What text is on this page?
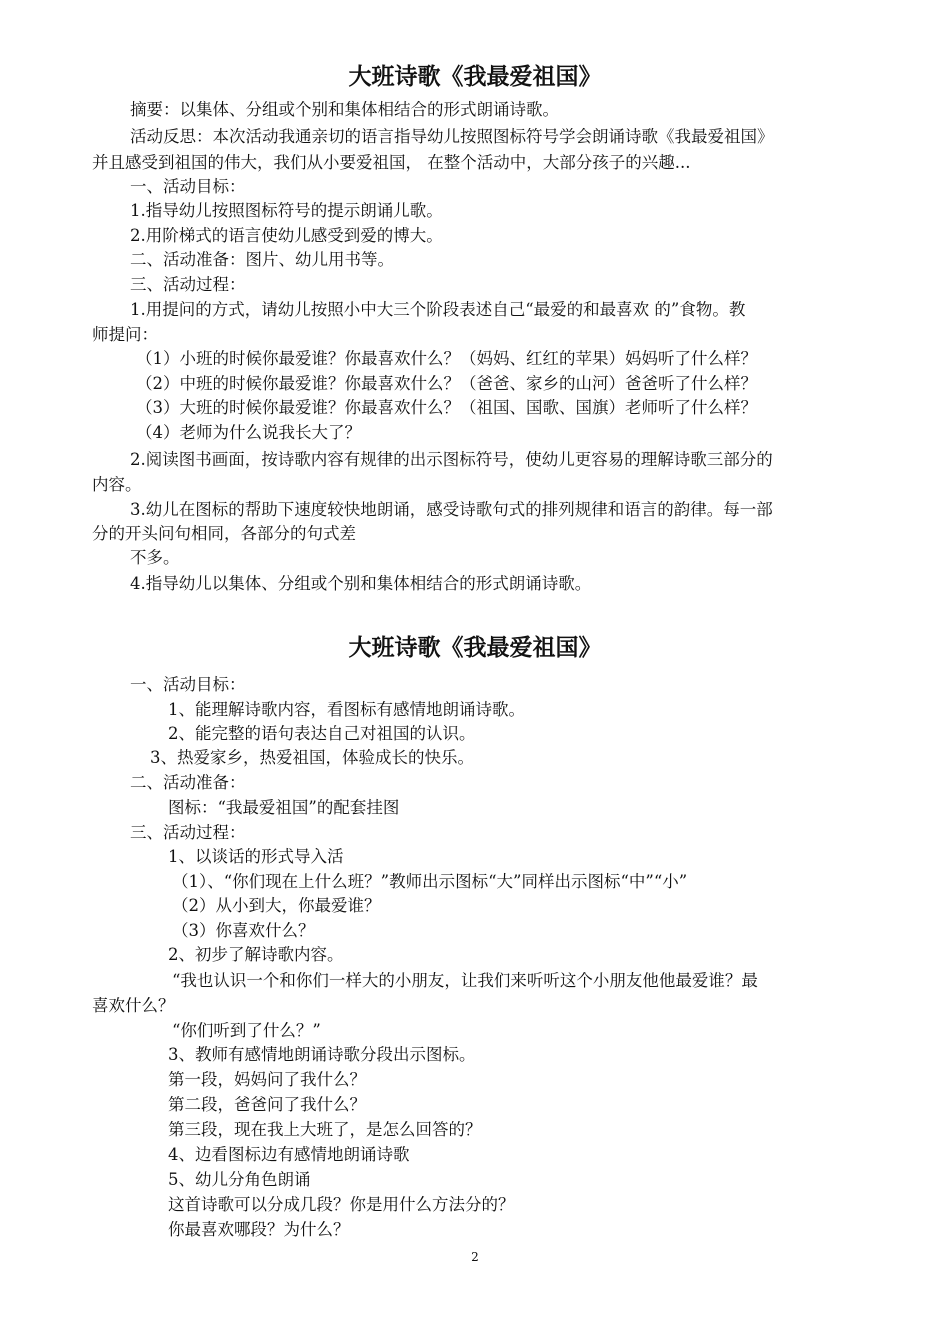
大班诗歌《我最爱祖国》
摘要：以集体、分组或个别和集体相结合的形式朗诵诗歌。
活动反思：本次活动我通亲切的语言指导幼儿按照图标符号学会朗诵诗歌《我最爱祖国》
并且感受到祖国的伟大，我们从小要爱祖国， 在整个活动中，大部分孩子的兴趣...
一、活动目标：
1.指导幼儿按照图标符号的提示朗诵儿歌。
2.用阶梯式的语言使幼儿感受到爱的博大。
二、活动准备：图片、幼儿用书等。
三、活动过程：
1.用提问的方式，请幼儿按照小中大三个阶段表述自己“最爱的和最喜欢 的”食物。教
师提问：
（1）小班的时候你最爱谁？你最喜欢什么？（妈妈、红红的苹果）妈妈听了什么样？
（2）中班的时候你最爱谁？你最喜欢什么？（爸爸、家乡的山河）爸爸听了什么样？
（3）大班的时候你最爱谁？你最喜欢什么？（祖国、国歌、国旗）老师听了什么样？
（4）老师为什么说我长大了？
2.阅读图书画面，按诗歌内容有规律的出示图标符号，使幼儿更容易的理解诗歌三部分的
内容。
3.幼儿在图标的帮助下速度较快地朗诵，感受诗歌句式的排列规律和语言的韵律。每一部
分的开头问句相同，各部分的句式差
不多。
4.指导幼儿以集体、分组或个别和集体相结合的形式朗诵诗歌。
大班诗歌《我最爱祖国》
一、活动目标：
1、能理解诗歌内容，看图标有感情地朗诵诗歌。
2、能完整的语句表达自己对祖国的认识。
3、热爱家乡，热爱祖国，体验成长的快乐。
二、活动准备：
图标：“我最爱祖国”的配套挂图
三、活动过程：
1、以谈话的形式导入活
（1）、“你们现在上什么班？”教师出示图标“大”同样出示图标“中”“小”
（2）从小到大，你最爱谁？
（3）你喜欢什么？
2、初步了解诗歌内容。
“我也认识一个和你们一样大的小朋友，让我们来听听这个小朋友他他最爱谁？最
喜欢什么？
“你们听到了什么？”
3、教师有感情地朗诵诗歌分段出示图标。
第一段，妈妈问了我什么？
第二段，爸爸问了我什么？
第三段，现在我上大班了，是怎么回答的？
4、边看图标边有感情地朗诵诗歌
5、幼儿分角色朗诵
这首诗歌可以分成几段？你是用什么方法分的？
你最喜欢哪段？为什么？
2
